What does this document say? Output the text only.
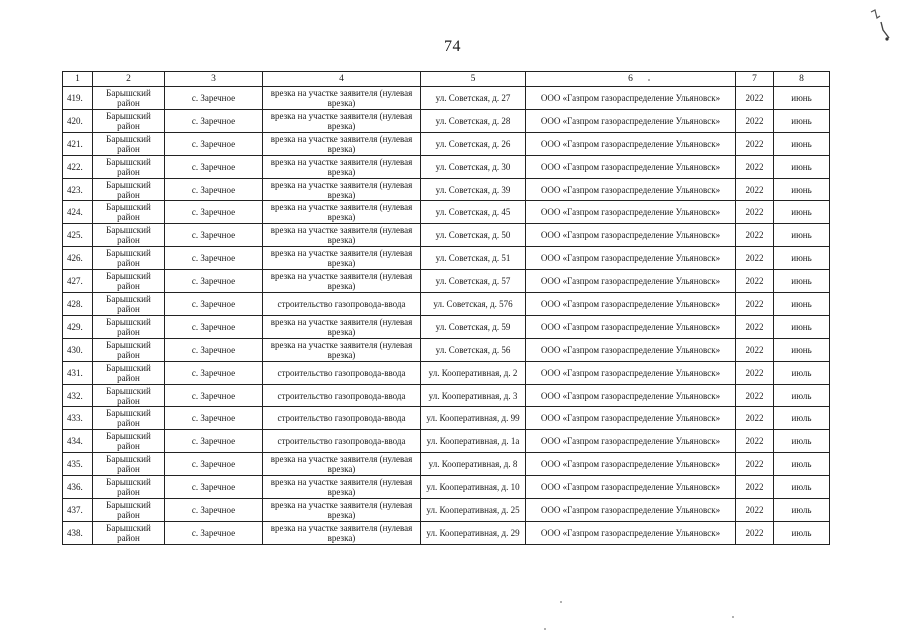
74
1	2	3	4	5	6	7	8
419.	Барышский район	с. Заречное	врезка на участке заявителя (нулевая врезка)	ул. Советская, д. 27	ООО «Газпром газораспределение Ульяновск»	2022	июнь
420.	Барышский район	с. Заречное	врезка на участке заявителя (нулевая врезка)	ул. Советская, д. 28	ООО «Газпром газораспределение Ульяновск»	2022	июнь
421.	Барышский район	с. Заречное	врезка на участке заявителя (нулевая врезка)	ул. Советская, д. 26	ООО «Газпром газораспределение Ульяновск»	2022	июнь
422.	Барышский район	с. Заречное	врезка на участке заявителя (нулевая врезка)	ул. Советская, д. 30	ООО «Газпром газораспределение Ульяновск»	2022	июнь
423.	Барышский район	с. Заречное	врезка на участке заявителя (нулевая врезка)	ул. Советская, д. 39	ООО «Газпром газораспределение Ульяновск»	2022	июнь
424.	Барышский район	с. Заречное	врезка на участке заявителя (нулевая врезка)	ул. Советская, д. 45	ООО «Газпром газораспределение Ульяновск»	2022	июнь
425.	Барышский район	с. Заречное	врезка на участке заявителя (нулевая врезка)	ул. Советская, д. 50	ООО «Газпром газораспределение Ульяновск»	2022	июнь
426.	Барышский район	с. Заречное	врезка на участке заявителя (нулевая врезка)	ул. Советская, д. 51	ООО «Газпром газораспределение Ульяновск»	2022	июнь
427.	Барышский район	с. Заречное	врезка на участке заявителя (нулевая врезка)	ул. Советская, д. 57	ООО «Газпром газораспределение Ульяновск»	2022	июнь
428.	Барышский район	с. Заречное	строительство газопровода-ввода	ул. Советская, д. 576	ООО «Газпром газораспределение Ульяновск»	2022	июнь
429.	Барышский район	с. Заречное	врезка на участке заявителя (нулевая врезка)	ул. Советская, д. 59	ООО «Газпром газораспределение Ульяновск»	2022	июнь
430.	Барышский район	с. Заречное	врезка на участке заявителя (нулевая врезка)	ул. Советская, д. 56	ООО «Газпром газораспределение Ульяновск»	2022	июнь
431.	Барышский район	с. Заречное	строительство газопровода-ввода	ул. Кооперативная, д. 2	ООО «Газпром газораспределение Ульяновск»	2022	июль
432.	Барышский район	с. Заречное	строительство газопровода-ввода	ул. Кооперативная, д. 3	ООО «Газпром газораспределение Ульяновск»	2022	июль
433.	Барышский район	с. Заречное	строительство газопровода-ввода	ул. Кооперативная, д. 99	ООО «Газпром газораспределение Ульяновск»	2022	июль
434.	Барышский район	с. Заречное	строительство газопровода-ввода	ул. Кооперативная, д. 1а	ООО «Газпром газораспределение Ульяновск»	2022	июль
435.	Барышский район	с. Заречное	врезка на участке заявителя (нулевая врезка)	ул. Кооперативная, д. 8	ООО «Газпром газораспределение Ульяновск»	2022	июль
436.	Барышский район	с. Заречное	врезка на участке заявителя (нулевая врезка)	ул. Кооперативная, д. 10	ООО «Газпром газораспределение Ульяновск»	2022	июль
437.	Барышский район	с. Заречное	врезка на участке заявителя (нулевая врезка)	ул. Кооперативная, д. 25	ООО «Газпром газораспределение Ульяновск»	2022	июль
438.	Барышский район	с. Заречное	врезка на участке заявителя (нулевая врезка)	ул. Кооперативная, д. 29	ООО «Газпром газораспределение Ульяновск»	2022	июль
